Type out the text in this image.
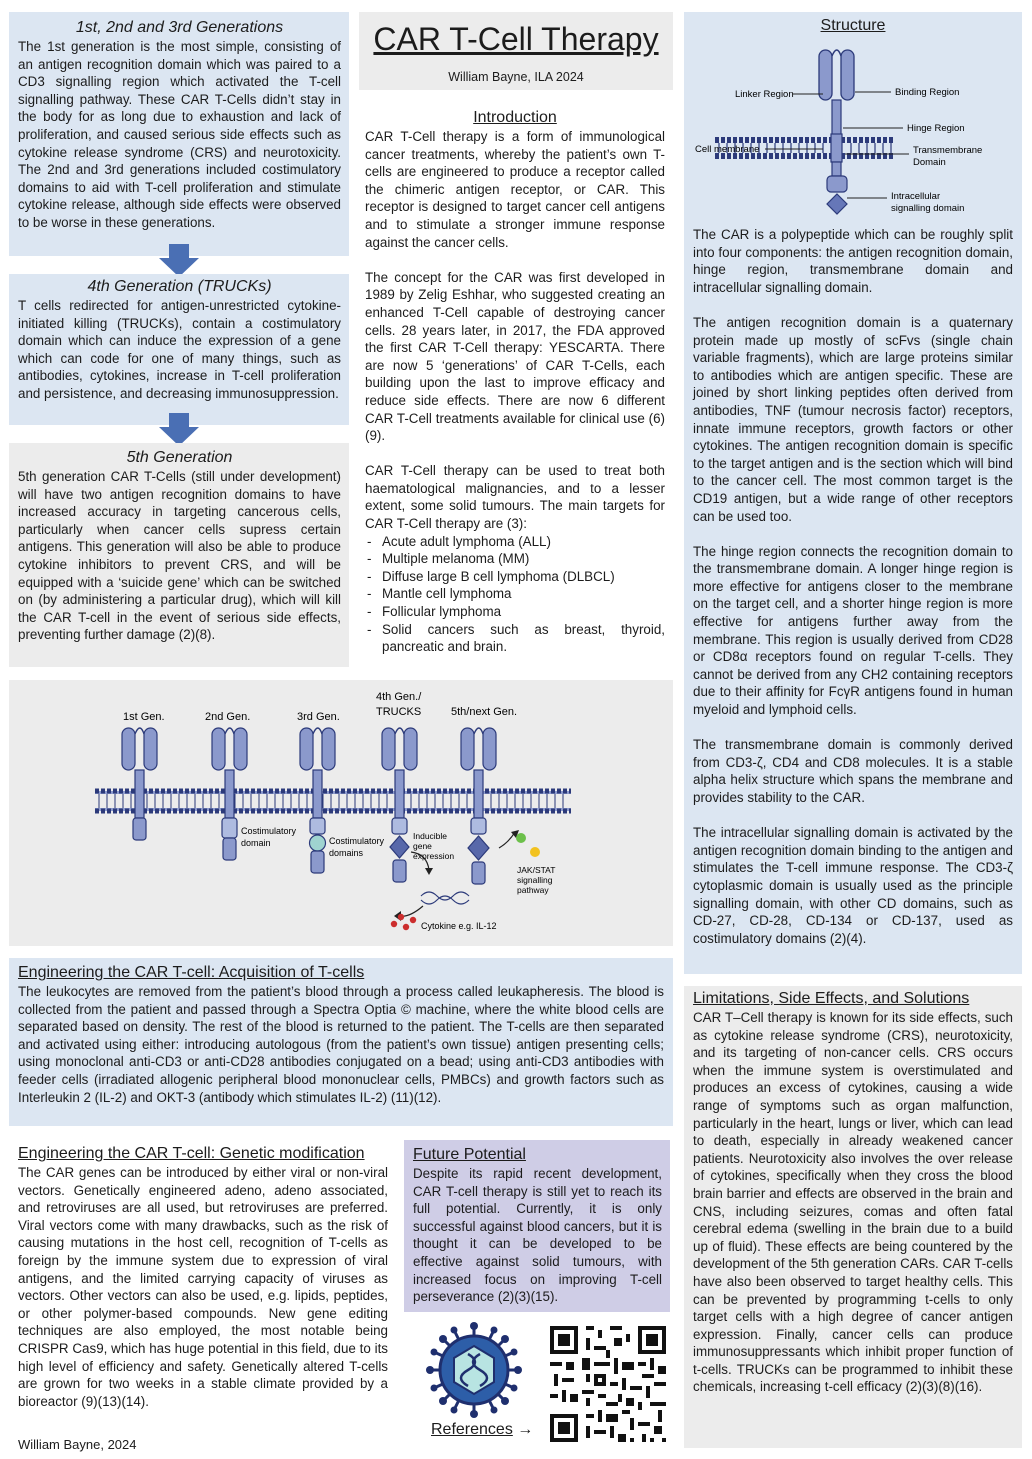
1st, 2nd and 3rd Generations
The 1st generation is the most simple, consisting of an antigen recognition domain which was paired to a CD3 signalling region which activated the T-cell signalling pathway. These CAR T-Cells didn’t stay in the body for as long due to exhaustion and lack of proliferation, and caused serious side effects such as cytokine release syndrome (CRS) and neurotoxicity. The 2nd and 3rd generations included costimulatory domains to aid with T-cell proliferation and stimulate cytokine release, although side effects were observed to be worse in these generations.
4th Generation (TRUCKs)
T cells redirected for antigen-unrestricted cytokine-initiated killing (TRUCKs), contain a costimulatory domain which can induce the expression of a gene which can code for one of many things, such as antibodies, cytokines, increase in T-cell proliferation and persistence, and decreasing immunosuppression.
5th Generation
5th generation CAR T-Cells (still under development) will have two antigen recognition domains to have increased accuracy in targeting cancerous cells, particularly when cancer cells supress certain antigens. This generation will also be able to produce cytokine inhibitors to prevent CRS, and will be equipped with a ‘suicide gene’ which can be switched on (by administering a particular drug), which will kill the CAR T-cell in the event of serious side effects, preventing further damage (2)(8).
CAR T-Cell Therapy
William Bayne, ILA 2024
Introduction
CAR T-Cell therapy is a form of immunological cancer treatments, whereby the patient’s own T-cells are engineered to produce a receptor called the chimeric antigen receptor, or CAR. This receptor is designed to target cancer cell antigens and to stimulate a stronger immune response against the cancer cells.
The concept for the CAR was first developed in 1989 by Zelig Eshhar, who suggested creating an enhanced T-Cell capable of destroying cancer cells. 28 years later, in 2017, the FDA approved the first CAR T-Cell therapy: YESCARTA. There are now 5 ‘generations’ of CAR T-Cells, each building upon the last to improve efficacy and reduce side effects. There are now 6 different CAR T-Cell treatments available for clinical use (6)(9).
CAR T-Cell therapy can be used to treat both haematological malignancies, and to a lesser extent, some solid tumours. The main targets for CAR T-Cell therapy are (3):
- Acute adult lymphoma (ALL)
- Multiple melanoma (MM)
- Diffuse large B cell lymphoma (DLBCL)
- Mantle cell lymphoma
- Follicular lymphoma
- Solid cancers such as breast, thyroid, pancreatic and brain.
Structure
Linker Region	Binding Region
Hinge Region
Cell membrane	Transmembrane
Domain
Intracellular
signalling domain
The CAR is a polypeptide which can be roughly split into four components: the antigen recognition domain, hinge region, transmembrane domain and intracellular signalling domain.
The antigen recognition domain is a quaternary protein made up mostly of scFvs (single chain variable fragments), which are large proteins similar to antibodies which are antigen specific. These are joined by short linking peptides often derived from antibodies, TNF (tumour necrosis factor) receptors, innate immune receptors, growth factors or other cytokines. The antigen recognition domain is specific to the target antigen and is the section which will bind to the cancer cell. The most common target is the CD19 antigen, but a wide range of other receptors can be used too.
The hinge region connects the recognition domain to the transmembrane domain. A longer hinge region is more effective for antigens closer to the membrane on the target cell, and a shorter hinge region is more effective for antigens further away from the membrane. This region is usually derived from CD28 or CD8α receptors found on regular T-cells. They cannot be derived from any CH2 containing receptors due to their affinity for FcγR antigens found in human myeloid and lymphoid cells.
The transmembrane domain is commonly derived from CD3-ζ, CD4 and CD8 molecules. It is a stable alpha helix structure which spans the membrane and provides stability to the CAR.
The intracellular signalling domain is activated by the antigen recognition domain binding to the antigen and stimulates the T-cell immune response. The CD3-ζ cytoplasmic domain is usually used as the principle signalling domain, with other CD domains, such as CD-27, CD-28, CD-134 or CD-137, used as costimulatory domains (2)(4).
1st Gen.	2nd Gen.	3rd Gen.
4th Gen./
TRUCKS	5th/next Gen.
Costimulatory
domain	Costimulatory
domains
Inducible
gene
expression
JAK/STAT
signalling
pathway
Cytokine e.g. IL-12
Engineering the CAR T-cell: Acquisition of T-cells
The leukocytes are removed from the patient’s blood through a process called leukapheresis. The blood is collected from the patient and passed through a Spectra Optia © machine, where the white blood cells are separated based on density. The rest of the blood is returned to the patient. The T-cells are then separated and activated using either: introducing autologous (from the patient’s own tissue) antigen presenting cells; using monoclonal anti-CD3 or anti-CD28 antibodies conjugated on a bead; using anti-CD3 antibodies with feeder cells (irradiated allogenic peripheral blood mononuclear cells, PMBCs) and growth factors such as Interleukin 2 (IL-2) and OKT-3 (antibody which stimulates IL-2) (11)(12).
Engineering the CAR T-cell: Genetic modification
The CAR genes can be introduced by either viral or non-viral vectors. Genetically engineered adeno, adeno associated, and retroviruses are all used, but retroviruses are preferred. Viral vectors come with many drawbacks, such as the risk of causing mutations in the host cell, recognition of T-cells as foreign by the immune system due to expression of viral antigens, and the limited carrying capacity of viruses as vectors. Other vectors can also be used, e.g. lipids, peptides, or other polymer-based compounds. New gene editing techniques are also employed, the most notable being CRISPR Cas9, which has huge potential in this field, due to its high level of efficiency and safety. Genetically altered T-cells are grown for two weeks in a stable climate provided by a bioreactor (9)(13)(14).
William Bayne, 2024
Future Potential
Despite its rapid recent development, CAR T-cell therapy is still yet to reach its full potential. Currently, it is only successful against blood cancers, but it is thought it can be developed to be effective against solid tumours, with increased focus on improving T-cell perseverance (2)(3)(15).
References →
Limitations, Side Effects, and Solutions
CAR T–Cell therapy is known for its side effects, such as cytokine release syndrome (CRS), neurotoxicity, and its targeting of non-cancer cells. CRS occurs when the immune system is overstimulated and produces an excess of cytokines, causing a wide range of symptoms such as organ malfunction, particularly in the heart, lungs or liver, which can lead to death, especially in already weakened cancer patients. Neurotoxicity also involves the over release of cytokines, specifically when they cross the blood brain barrier and effects are observed in the brain and CNS, including seizures, comas and often fatal cerebral edema (swelling in the brain due to a build up of fluid). These effects are being countered by the development of the 5th generation CARs. CAR T-cells have also been observed to target healthy cells. This can be prevented by programming t-cells to only target cells with a high degree of cancer antigen expression. Finally, cancer cells can produce immunosuppressants which inhibit proper function of t-cells. TRUCKs can be programmed to inhibit these chemicals, increasing t-cell efficacy (2)(3)(8)(16).
